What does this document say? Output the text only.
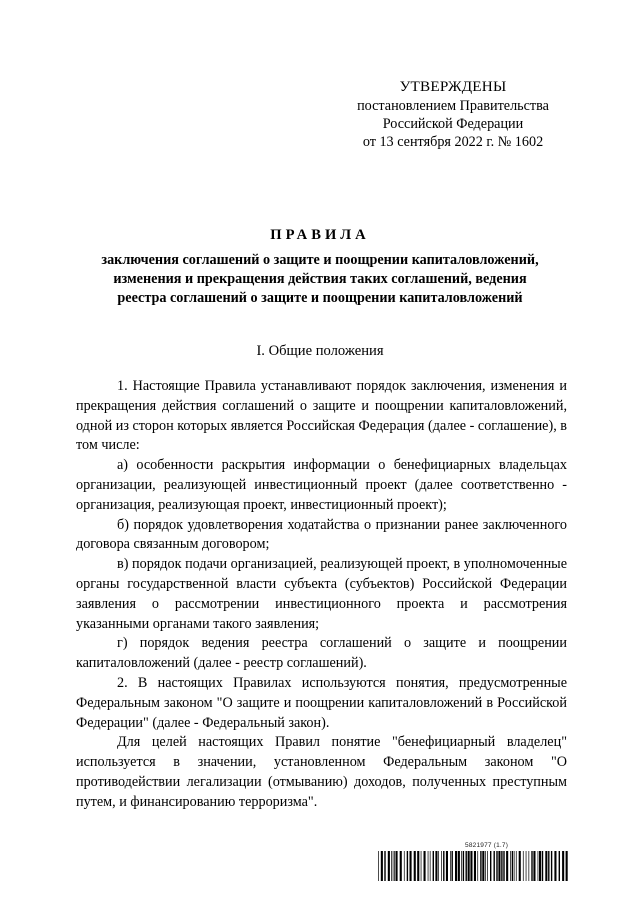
УТВЕРЖДЕНЫ
постановлением Правительства
Российской Федерации
от 13 сентября 2022 г. № 1602
ПРАВИЛА
заключения соглашений о защите и поощрении капиталовложений,
изменения и прекращения действия таких соглашений, ведения
реестра соглашений о защите и поощрении капиталовложений
I. Общие положения

1. Настоящие Правила устанавливают порядок заключения, изменения и прекращения действия соглашений о защите и поощрении капиталовложений, одной из сторон которых является Российская Федерация (далее - соглашение), в том числе:

а) особенности раскрытия информации о бенефициарных владельцах организации, реализующей инвестиционный проект (далее соответственно - организация, реализующая проект, инвестиционный проект);

б) порядок удовлетворения ходатайства о признании ранее заключенного договора связанным договором;

в) порядок подачи организацией, реализующей проект, в уполномоченные органы государственной власти субъекта (субъектов) Российской Федерации заявления о рассмотрении инвестиционного проекта и рассмотрения указанными органами такого заявления;

г) порядок ведения реестра соглашений о защите и поощрении капиталовложений (далее - реестр соглашений).

2. В настоящих Правилах используются понятия, предусмотренные Федеральным законом "О защите и поощрении капиталовложений в Российской Федерации" (далее - Федеральный закон).

Для целей настоящих Правил понятие "бенефициарный владелец" используется в значении, установленном Федеральным законом "О противодействии легализации (отмыванию) доходов, полученных преступным путем, и финансированию терроризма".

5821977 (1.7)
